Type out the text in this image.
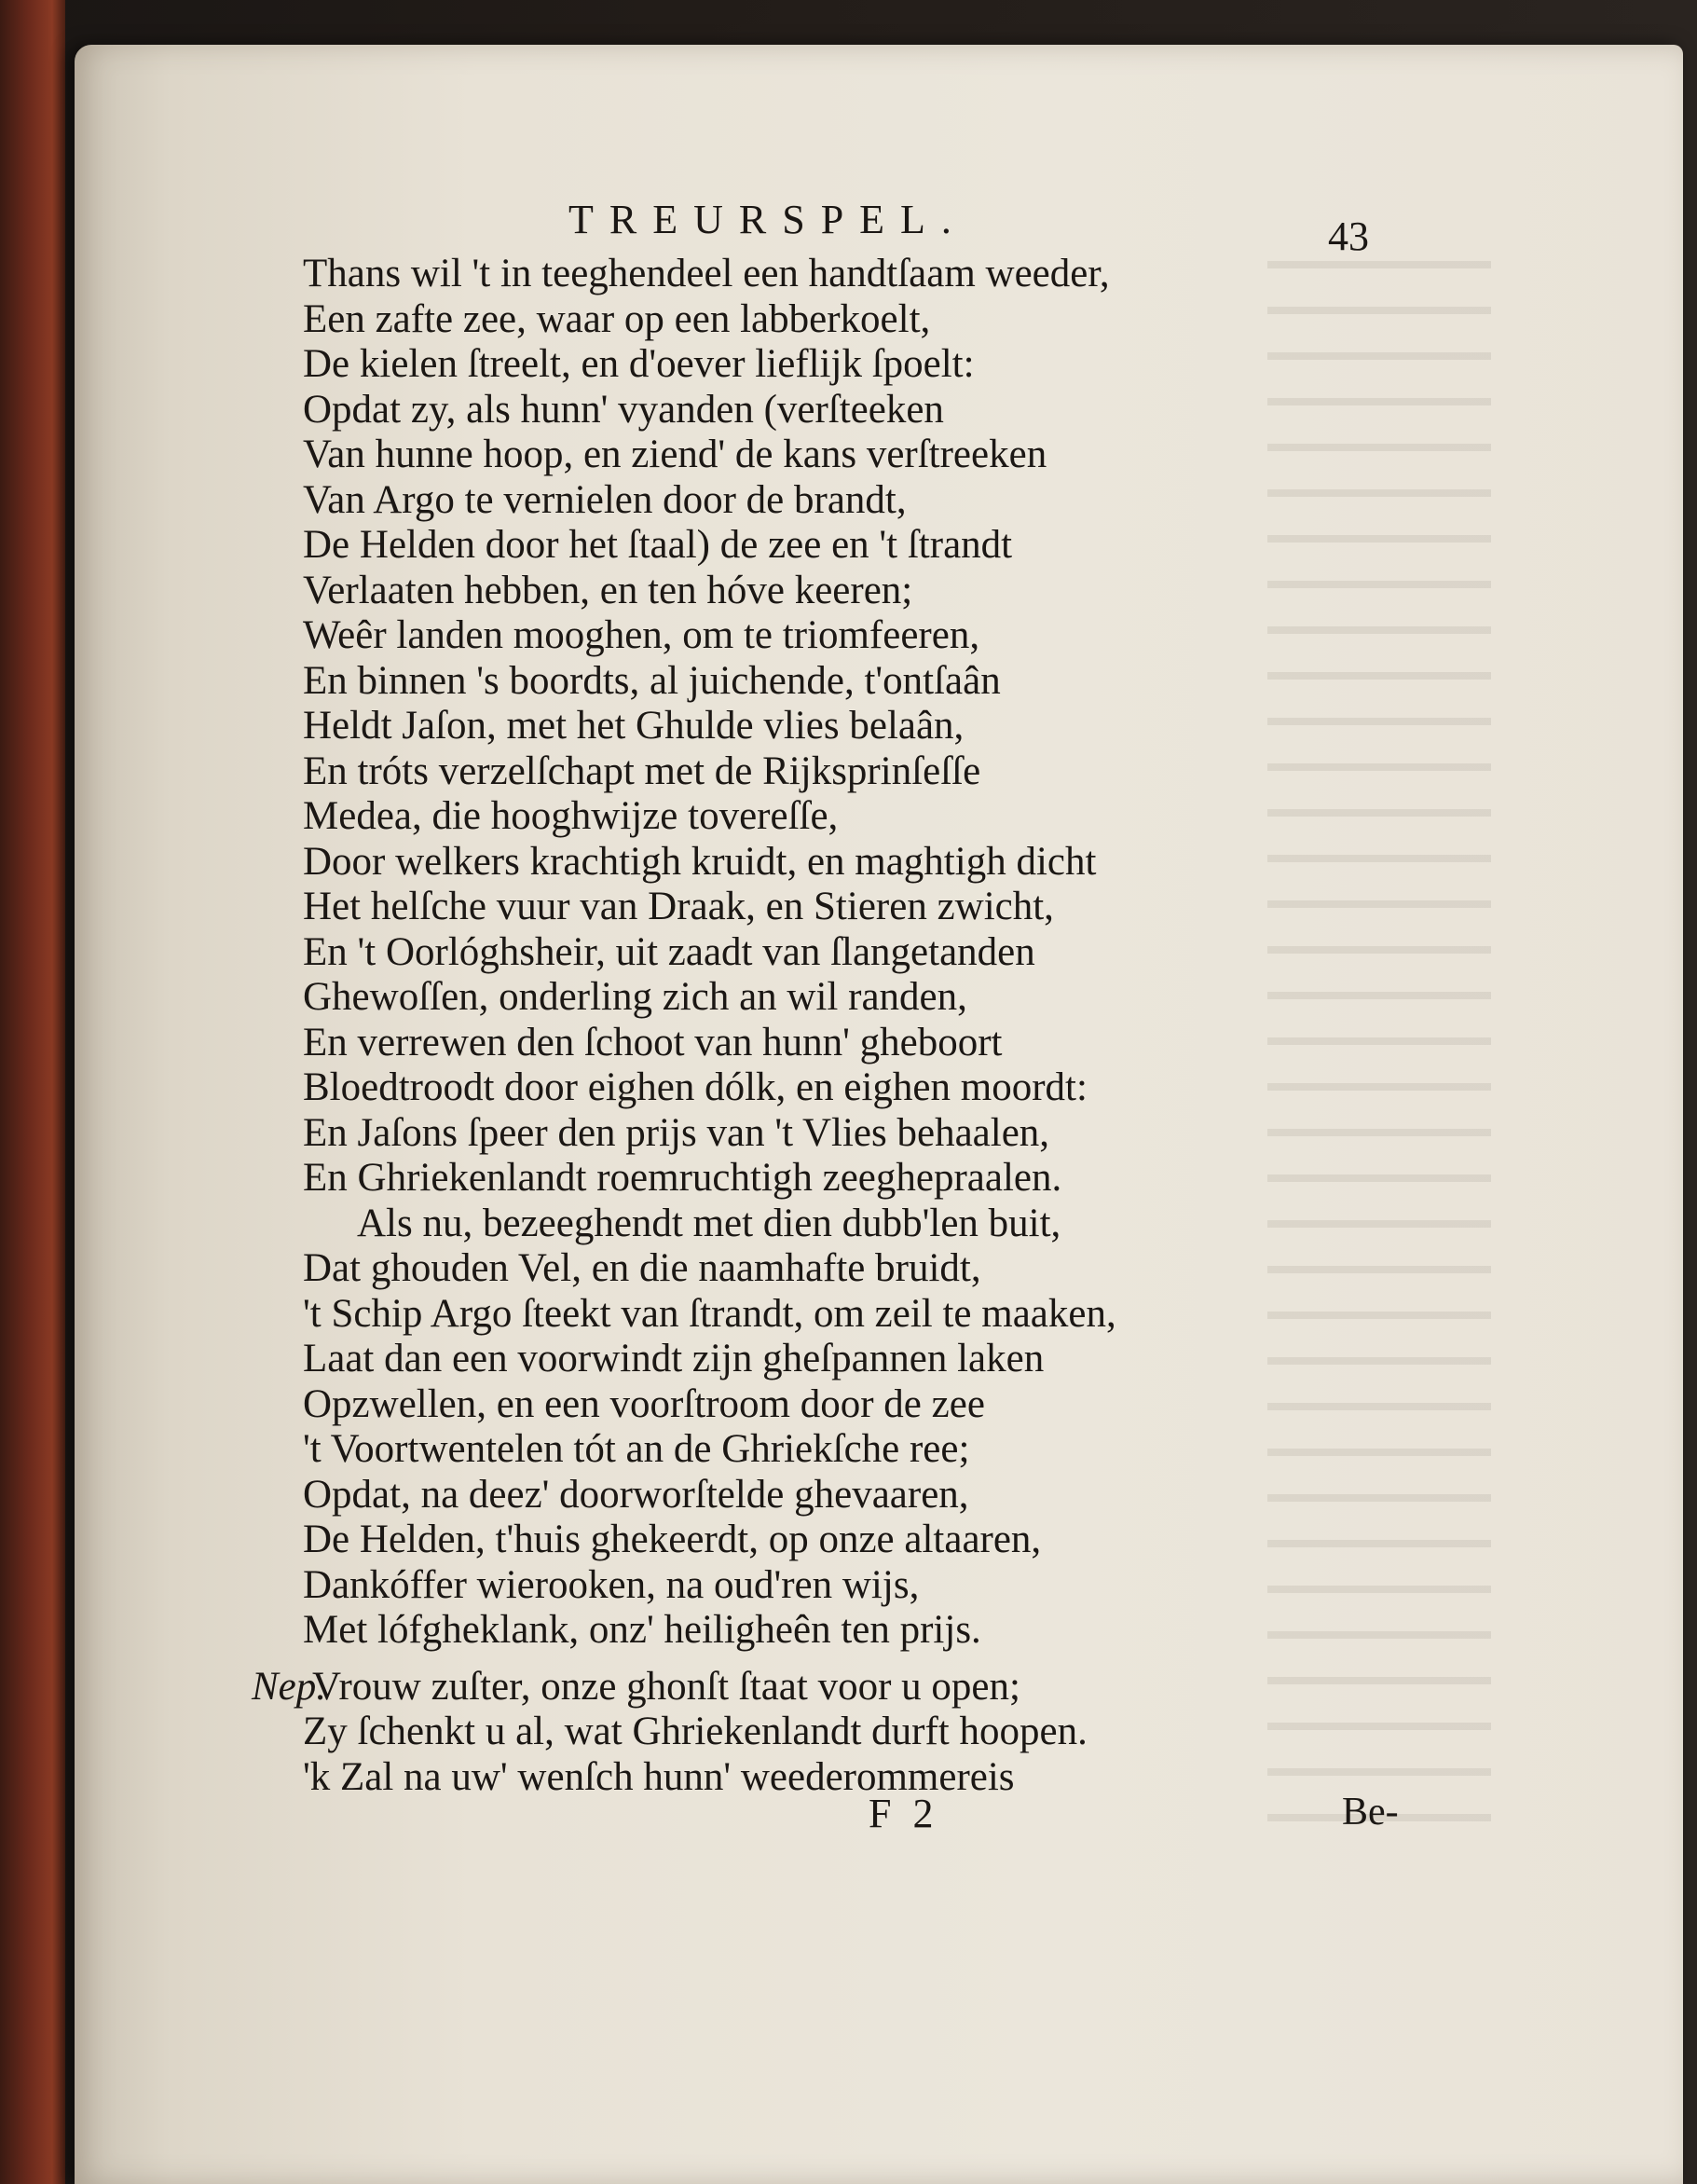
TREURSPEL.	43
Thans wil 't in teeghendeel een handtſaam weeder,
Een zafte zee, waar op een labberkoelt,
De kielen ſtreelt, en d'oever lieflijk ſpoelt:
Opdat zy, als hunn' vyanden (verſteeken
Van hunne hoop, en ziend' de kans verſtreeken
Van Argo te vernielen door de brandt,
De Helden door het ſtaal) de zee en 't ſtrandt
Verlaaten hebben, en ten hóve keeren;
Weêr landen mooghen, om te triomfeeren,
En binnen 's boordts, al juichende, t'ontſaân
Heldt Jaſon, met het Ghulde vlies belaân,
En tróts verzelſchapt met de Rijksprinſeſſe
Medea, die hooghwijze tovereſſe,
Door welkers krachtigh kruidt, en maghtigh dicht
Het helſche vuur van Draak, en Stieren zwicht,
En 't Oorlóghsheir, uit zaadt van ſlangetanden
Ghewoſſen, onderling zich an wil randen,
En verrewen den ſchoot van hunn' gheboort
Bloedtroodt door eighen dólk, en eighen moordt:
En Jaſons ſpeer den prijs van 't Vlies behaalen,
En Ghriekenlandt roemruchtigh zeeghepraalen.
Als nu, bezeeghendt met dien dubb'len buit,
Dat ghouden Vel, en die naamhafte bruidt,
't Schip Argo ſteekt van ſtrandt, om zeil te maaken,
Laat dan een voorwindt zijn gheſpannen laken
Opzwellen, en een voorſtroom door de zee
't Voortwentelen tót an de Ghriekſche ree;
Opdat, na deez' doorworſtelde ghevaaren,
De Helden, t'huis ghekeerdt, op onze altaaren,
Dankóffer wierooken, na oud'ren wijs,
Met lófgheklank, onz' heiligheên ten prijs.
Nep. Vrouw zuſter, onze ghonſt ſtaat voor u open;
Zy ſchenkt u al, wat Ghriekenlandt durft hoopen.
'k Zal na uw' wenſch hunn' weederommereis
F 2	Be-
